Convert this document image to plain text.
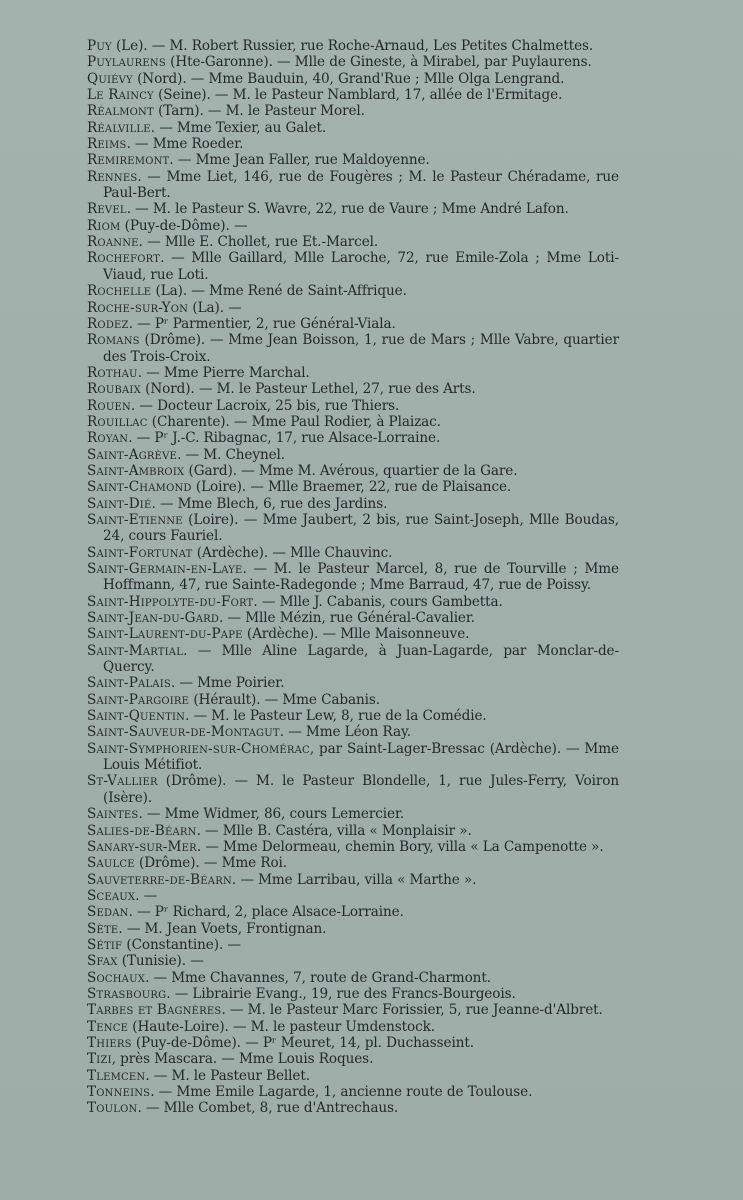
Puy (Le). — M. Robert Russier, rue Roche-Arnaud, Les Petites Chalmettes.

Puylaurens (Hte-Garonne). — Mlle de Gineste, à Mirabel, par Puylaurens.

Quiévy (Nord). — Mme Bauduin, 40, Grand'Rue ; Mlle Olga Lengrand.

Le Raincy (Seine). — M. le Pasteur Namblard, 17, allée de l'Ermitage.

Réalmont (Tarn). — M. le Pasteur Morel.

Réalville. — Mme Texier, au Galet.

Reims. — Mme Roeder.

Remiremont. — Mme Jean Faller, rue Maldoyenne.

Rennes. — Mme Liet, 146, rue de Fougères ; M. le Pasteur Chéradame, rue Paul-Bert.

Revel. — M. le Pasteur S. Wavre, 22, rue de Vaure ; Mme André Lafon.

Riom (Puy-de-Dôme). —

Roanne. — Mlle E. Chollet, rue Et.-Marcel.

Rochefort. — Mlle Gaillard, Mlle Laroche, 72, rue Emile-Zola ; Mme Loti-Viaud, rue Loti.

Rochelle (La). — Mme René de Saint-Affrique.

Roche-sur-Yon (La). —

Rodez. — Pʳ Parmentier, 2, rue Général-Viala.

Romans (Drôme). — Mme Jean Boisson, 1, rue de Mars ; Mlle Vabre, quartier des Trois-Croix.

Rothau. — Mme Pierre Marchal.

Roubaix (Nord). — M. le Pasteur Lethel, 27, rue des Arts.

Rouen. — Docteur Lacroix, 25 bis, rue Thiers.

Rouillac (Charente). — Mme Paul Rodier, à Plaizac.

Royan. — Pʳ J.-C. Ribagnac, 17, rue Alsace-Lorraine.

Saint-Agrève. — M. Cheynel.

Saint-Ambroix (Gard). — Mme M. Avérous, quartier de la Gare.

Saint-Chamond (Loire). — Mlle Braemer, 22, rue de Plaisance.

Saint-Dié. — Mme Blech, 6, rue des Jardins.

Saint-Etienne (Loire). — Mme Jaubert, 2 bis, rue Saint-Joseph, Mlle Boudas, 24, cours Fauriel.

Saint-Fortunat (Ardèche). — Mlle Chauvinc.

Saint-Germain-en-Laye. — M. le Pasteur Marcel, 8, rue de Tourville ; Mme Hoffmann, 47, rue Sainte-Radegonde ; Mme Barraud, 47, rue de Poissy.

Saint-Hippolyte-du-Fort. — Mlle J. Cabanis, cours Gambetta.

Saint-Jean-du-Gard. — Mlle Mézin, rue Général-Cavalier.

Saint-Laurent-du-Pape (Ardèche). — Mlle Maisonneuve.

Saint-Martial. — Mlle Aline Lagarde, à Juan-Lagarde, par Monclar-de-Quercy.

Saint-Palais. — Mme Poirier.

Saint-Pargoire (Hérault). — Mme Cabanis.

Saint-Quentin. — M. le Pasteur Lew, 8, rue de la Comédie.

Saint-Sauveur-de-Montagut. — Mme Léon Ray.

Saint-Symphorien-sur-Chomérac, par Saint-Lager-Bressac (Ardèche). — Mme Louis Métifiot.

St-Vallier (Drôme). — M. le Pasteur Blondelle, 1, rue Jules-Ferry, Voiron (Isère).

Saintes. — Mme Widmer, 86, cours Lemercier.

Salies-de-Béarn. — Mlle B. Castéra, villa « Monplaisir ».

Sanary-sur-Mer. — Mme Delormeau, chemin Bory, villa « La Campenotte ».

Saulce (Drôme). — Mme Roi.

Sauveterre-de-Béarn. — Mme Larribau, villa « Marthe ».

Sceaux. —

Sedan. — Pʳ Richard, 2, place Alsace-Lorraine.

Sète. — M. Jean Voets, Frontignan.

Sétif (Constantine). —

Sfax (Tunisie). —

Sochaux. — Mme Chavannes, 7, route de Grand-Charmont.

Strasbourg. — Librairie Evang., 19, rue des Francs-Bourgeois.

Tarbes et Bagnères. — M. le Pasteur Marc Forissier, 5, rue Jeanne-d'Albret.

Tence (Haute-Loire). — M. le pasteur Umdenstock.

Thiers (Puy-de-Dôme). — Pʳ Meuret, 14, pl. Duchasseint.

Tizi, près Mascara. — Mme Louis Roques.

Tlemcen. — M. le Pasteur Bellet.

Tonneins. — Mme Emile Lagarde, 1, ancienne route de Toulouse.

Toulon. — Mlle Combet, 8, rue d'Antrechaus.
